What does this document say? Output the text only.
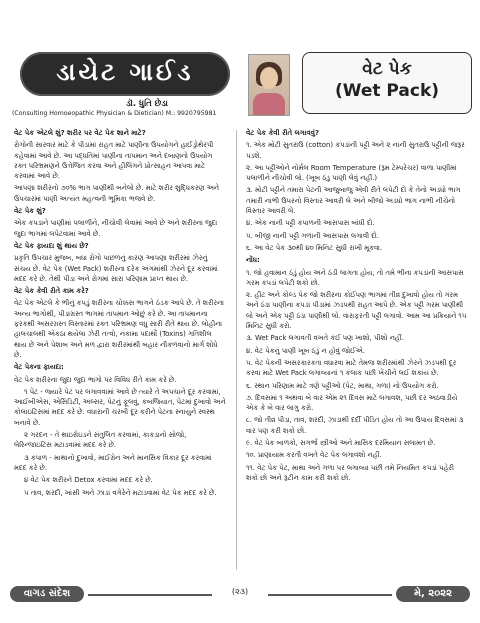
ડાયેટ ગાઈડ
ડૉ. ધુતિ છેડા
(Consulting Homoeopathic Physician & Dietician) M.: 9920795981
વેટ પેક
(Wet Pack)

વેટ પેક એટલે શું? શરીર પર વેટ પેક શાને માટે?

રોગોની સારવાર માટે કે પીડામાં રાહત માટે પાણીના ઉપયોગને હાઈડ્રોથેરપી કહેવામાં આવે છે. આ પદ્ધતિમાં પાણીના તાપમાન અને દબાણનો ઉપયોગ રક્ત પરિભ્રમણને ઉત્તેજિત કરવા અને હીલિંગને પ્રોત્સાહન આપવા માટે કરવામાં આવે છે.

આપણા શરીરનો ૭૦% ભાગ પાણીથી બનેલો છે. માટે શરીર શુદ્ધિકરણ અને ઉપચારમાં પાણી અત્યંત મહત્વની ભૂમિકા ભજવે છે.

વેટ પેક શું?

એક કપડાને પાણીમાં પલાળીને, નીચોવી લેવામાં આવે છે અને શરીરના જુદા જુદા ભાગમાં લપેટવામાં આવે છે.

વેટ પેક ફાયદા શું થાય છે?

પ્રકૃતિ ઉપચાર મુજબ, બધા રોગો પાછળનું કારણ આપણા શરીરમાં ઝેરનું સંચય છે. વેટ પેક (Wet Pack) શરીરના દરેક અંગમાંથી ઝેરને દૂર કરવામાં મદદ કરે છે. તેથી પીડા અને રોગમાં સારા પરિણામ પ્રાપ્ત થાય છે.

વેટ પેક કેવી રીતે કામ કરે?

વેટ પેક એટલે કે ભીનું કપડું શરીરના ચોક્કસ ભાગને ઠંડક આપે છે. તે શરીરના અન્ય ભાગોથી, પીડાગ્રસ્ત ભાગમાં તાપમાન ઓછું કરે છે. આ તાપમાનના ફરકથી અસરગ્રસ્ત વિસ્તારમાં રક્ત પરિભ્રમણ વધુ સારી રીતે થાય છે. લોહીના હાલચાલથી એકઠા થયેલા ઝેરી તત્વો, નકામા પદાર્થો (Toxins) ગતિશીલ થાય છે અને પેશાબ અને મળ દ્વારા શરીરમાંથી બહાર નીકળવાનો માર્ગ શોધે છે.

વેટ પેકના ફાયદા:

વેટ પેક શરીરના જુદા જુદા ભાગો પર વિવિધ રીતે કામ કરે છે.

૧ પેટ - જ્યારે પેટ પર લગાવવામાં આવે છે ત્યારે તે અપચાને દૂર કરવામાં, આઈબીએસ, એસિડિટી, અલ્સર, પેટનું ફૂલવું, કબજિયાત, પેટમાં દુખાવો અને કોલાઇટિસમાં મદદ કરે છે. વધારાની ચરબી દૂર કરીને પેટના સ્નાયુને સ્વસ્થ બનાવે છે.

૨ ગરદન - તે થાઇરોઇડને સંતુલિત કરવામાં, કાકડાનો સોજો, લેરિન્જાઇટિસ મટાડવામાં મદદ કરે છે.

૩ કપાળ - માથાનો દુખાવો, માઈગ્રેન અને માનસિક વિકાર દૂર કરવામાં મદદ કરે છે.

૪ વેટ પેક શરીરને Detox કરવામાં મદદ કરે છે.

૫ તાવ, શરદી, ખાંસી અને ઝાડા વગેરેને મટાડવામાં વેટ પેક મદદ કરે છે.

વેટ પેક કેવી રીતે લગાવવું?

૧. એક મોટી સુતરાઉ (cotton) કપડાંની પટ્ટી અને ૨ નાની સુતરાઉ પટ્ટીની જરૂર પડશે.

૨. આ પટ્ટીઓને નોર્મલ Room Temperature (રૂમ ટેમ્પરેચર) વાળા પાણીમાં પલાળીને નીચોવી લો. (ખૂબ ઠંડુ પાણી લેવું નહીં.)

૩. મોટી પટ્ટીને તમારા પેટની આજુબાજુ એવી રીતે લપેટી દો કે તેનો અડધો ભાગ તમારી નાભી ઉપરનો વિસ્તાર આવરી લે અને બીજો અડધો ભાગ નાભી નીચેનો વિસ્તાર આવરી લે.

૪. એક નાની પટ્ટી કપાળની આસપાસ બાંધી દો.

૫. બીજી નાની પટ્ટી ગળાની આસપાસ લગાવી દો.

૬. આ વેટ પેક ૩૦થી ૪૦ મિનિટ સુધી રાખી મૂકવા.

નોંધ:

૧. જો હવામાન ઠંડું હોય અને ઠંડી લાગતા હોય, તો તમે ભીના કપડાંની આસપાસ ગરમ કપડાં લપેટી શકો છો.

૨. હીટ અને કોલ્ડ પેક જો શરીરના કોઈપણ ભાગમાં તીવ્ર દુખાવો હોય તો ગરમ અને ઠંડા પાણીના કપડાં પીડામાં ઝડપથી રાહત આપે છે. એક પટ્ટી ગરમ પાણીથી લો અને એક પટ્ટી ઠંડા પાણીથી લો. વારાફરતી પટ્ટી લગાવો. આમ આ પ્રક્રિયાને ૧૫ મિનિટ સુધી કરો.

૩. Wet Pack લગાવતી વખતે કંઈ પણ ખાશો, પીશો નહીં.

૪. વેટ પેકનું પાણી ખૂબ ઠંડું ન હોવું જોઈએ.

૫. વેટ પેકની અસરકારકતા વધારવા માટે તેમજ શરીરમાંથી ઝેરને ઝડપથી દૂર કરવા માટે Wet Pack લગાવ્યાનાં ૧ કલાક પછી ખેંચીને લઈ શકાય છે.

૬. સ્થાન પરિણામ માટે ત્રણે પટ્ટીઓ (પેટ, માથા, ગળા) નો ઉપયોગ કરો.

૭. દિવસમાં ૧ અથવા બે વાર એમ ૨૧ દિવસ માટે લગાવશ, પછી દર અઠવાડીયે એક કે બે વાર લાગુ કરો.

૮. જો તીવ્ર પીડા, તાવ, શરદી, ઝાડાથી દર્દી પીડિત હોય તો આ ઉપાય દિવસમાં ૩ વાર પણ કરી શકો છો.

૯. વેટ પેક બાળકો, સગર્ભા સ્ત્રીઓ અને માસિક દરમિયાન સલામત છે.

૧૦. પ્રાણાયામ કરતી વખતે વેટ પેક લગાવશો નહીં.

૧૧. વેટ પેક પેટ, માથા અને ગળા પર લગાવ્યા પછી તમે નિયમિત કપડાં પહેરી શકો છો અને રૂટીન કામ કરી શકો છો.

વાગડ સંદેશ	(૨૩)	મે, ૨૦૨૨
